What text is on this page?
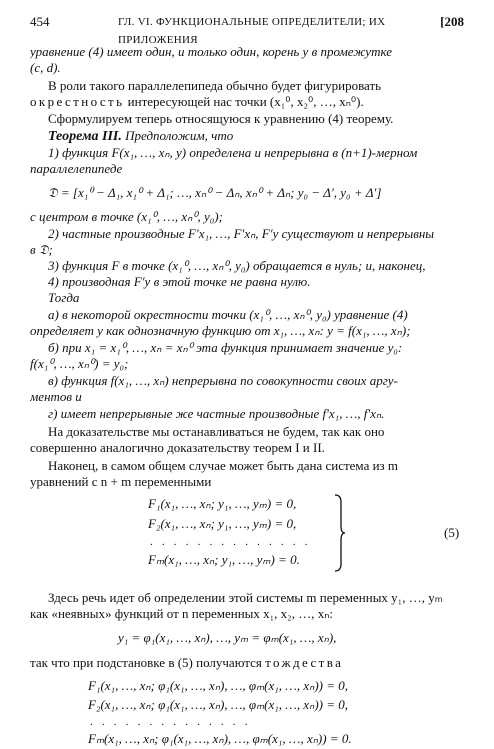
454	ГЛ. VI. ФУНКЦИОНАЛЬНЫЕ ОПРЕДЕЛИТЕЛИ; ИХ ПРИЛОЖЕНИЯ
[208
уравнение (4) имеет один, и только один, корень y в промежутке
(c, d).
В роли такого параллелепипеда обычно будет фигурировать
окрестность интересующей нас точки (x₁⁰, x₂⁰, …, xₙ⁰).
Сформулируем теперь относящуюся к уравнению (4) теорему.
Теорема III. Предположим, что
1) функция F(x₁, …, xₙ, y) определена и непрерывна в (n+1)-мерном
параллелепипеде
𝔇 = [x₁⁰ − Δ₁, x₁⁰ + Δ₁; …, xₙ⁰ − Δₙ, xₙ⁰ + Δₙ; y₀ − Δ′, y₀ + Δ′]
с центром в точке (x₁⁰, …, xₙ⁰, y₀);
2) частные производные F′x₁, …, F′xₙ, F′y существуют и непрерывны
в 𝔇;
3) функция F в точке (x₁⁰, …, xₙ⁰, y₀) обращается в нуль; и, наконец,
4) производная F′y в этой точке не равна нулю.
Тогда
а) в некоторой окрестности точки (x₁⁰, …, xₙ⁰, y₀) уравнение (4)
определяет y как однозначную функцию от x₁, …, xₙ: y = f(x₁, …, xₙ);
б) при x₁ = x₁⁰, …, xₙ = xₙ⁰ эта функция принимает значение y₀:
f(x₁⁰, …, xₙ⁰) = y₀;
в) функция f(x₁, …, xₙ) непрерывна по совокупности своих аргу-
ментов и
г) имеет непрерывные же частные производные f′x₁, …, f′xₙ.
На доказательстве мы останавливаться не будем, так как оно
совершенно аналогично доказательству теорем I и II.
Наконец, в самом общем случае может быть дана система из m
уравнений с n + m переменными
F₁(x₁, …, xₙ; y₁, …, yₘ) = 0,
F₂(x₁, …, xₙ; y₁, …, yₘ) = 0,
. . . . . . . . . . . . . .
Fₘ(x₁, …, xₙ; y₁, …, yₘ) = 0.
(5)
Здесь речь идет об определении этой системы m переменных y₁, …, yₘ
как «неявных» функций от n переменных x₁, x₂, …, xₙ:
y₁ = φ₁(x₁, …, xₙ), …, yₘ = φₘ(x₁, …, xₙ),
так что при подстановке в (5) получаются тождества
F₁(x₁, …, xₙ; φ₁(x₁, …, xₙ), …, φₘ(x₁, …, xₙ)) = 0,
F₂(x₁, …, xₙ; φ₁(x₁, …, xₙ), …, φₘ(x₁, …, xₙ)) = 0,
. . . . . . . . . . . . . .
Fₘ(x₁, …, xₙ; φ₁(x₁, …, xₙ), …, φₘ(x₁, …, xₙ)) = 0.
